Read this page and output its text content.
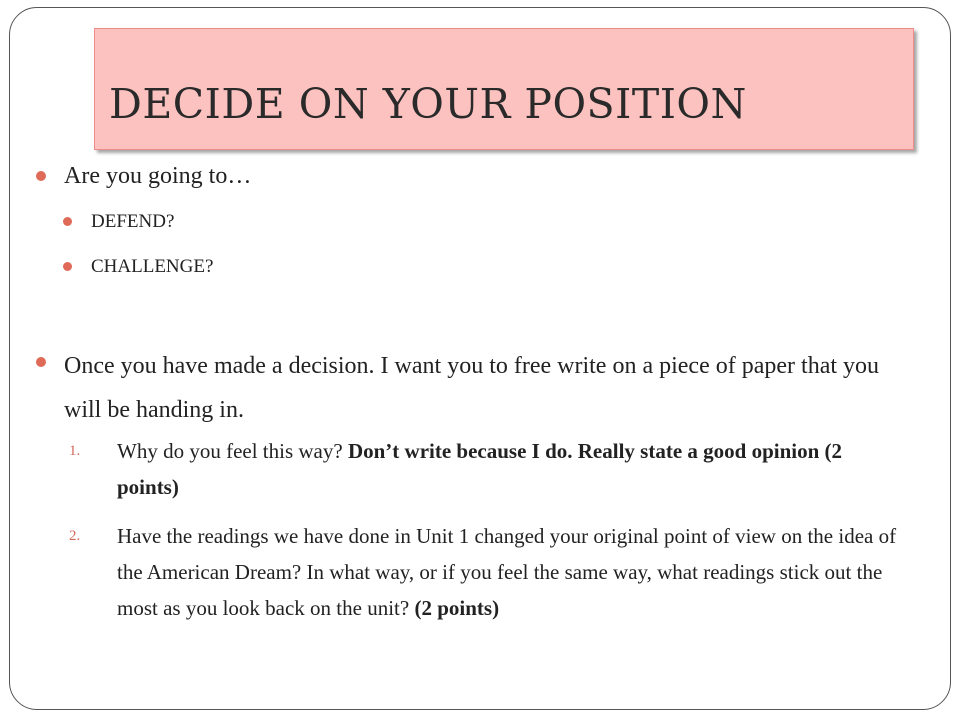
DECIDE ON YOUR POSITION
Are you going to…
DEFEND?
CHALLENGE?
Once you have made a decision. I want you to free write on a piece of paper that you will be handing in.
1. Why do you feel this way? Don’t write because I do. Really state a good opinion (2 points)
2. Have the readings we have done in Unit 1 changed your original point of view on the idea of the American Dream? In what way, or if you feel the same way, what readings stick out the most as you look back on the unit? (2 points)
